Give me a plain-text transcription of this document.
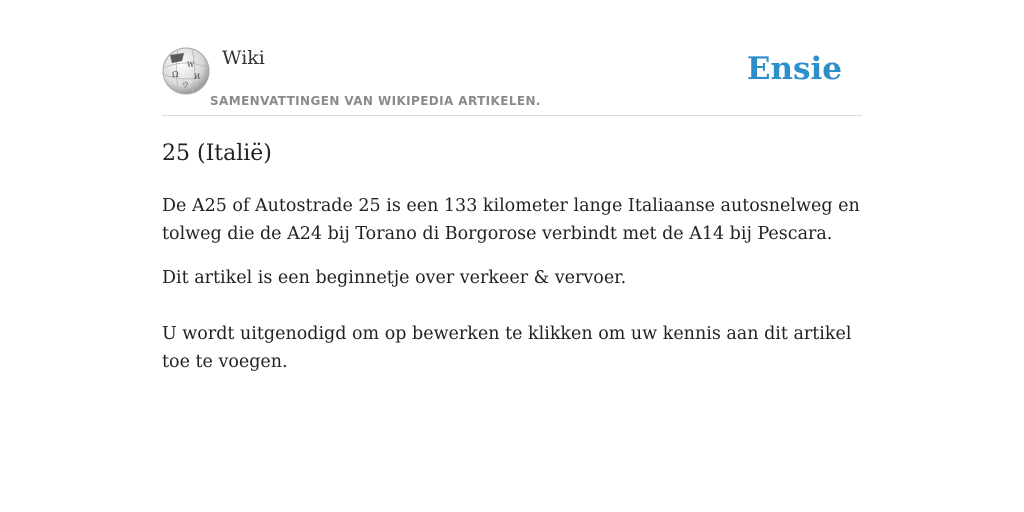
Ω
W
И
ウ
Wiki
SAMENVATTINGEN VAN WIKIPEDIA ARTIKELEN.
Ensie
25 (Italië)

De A25 of Autostrade 25 is een 133 kilometer lange Italiaanse autosnelweg en tolweg die de A24 bij Torano di Borgorose verbindt met de A14 bij Pescara.

Dit artikel is een beginnetje over verkeer & vervoer.

U wordt uitgenodigd om op bewerken te klikken om uw kennis aan dit artikel toe te voegen.
